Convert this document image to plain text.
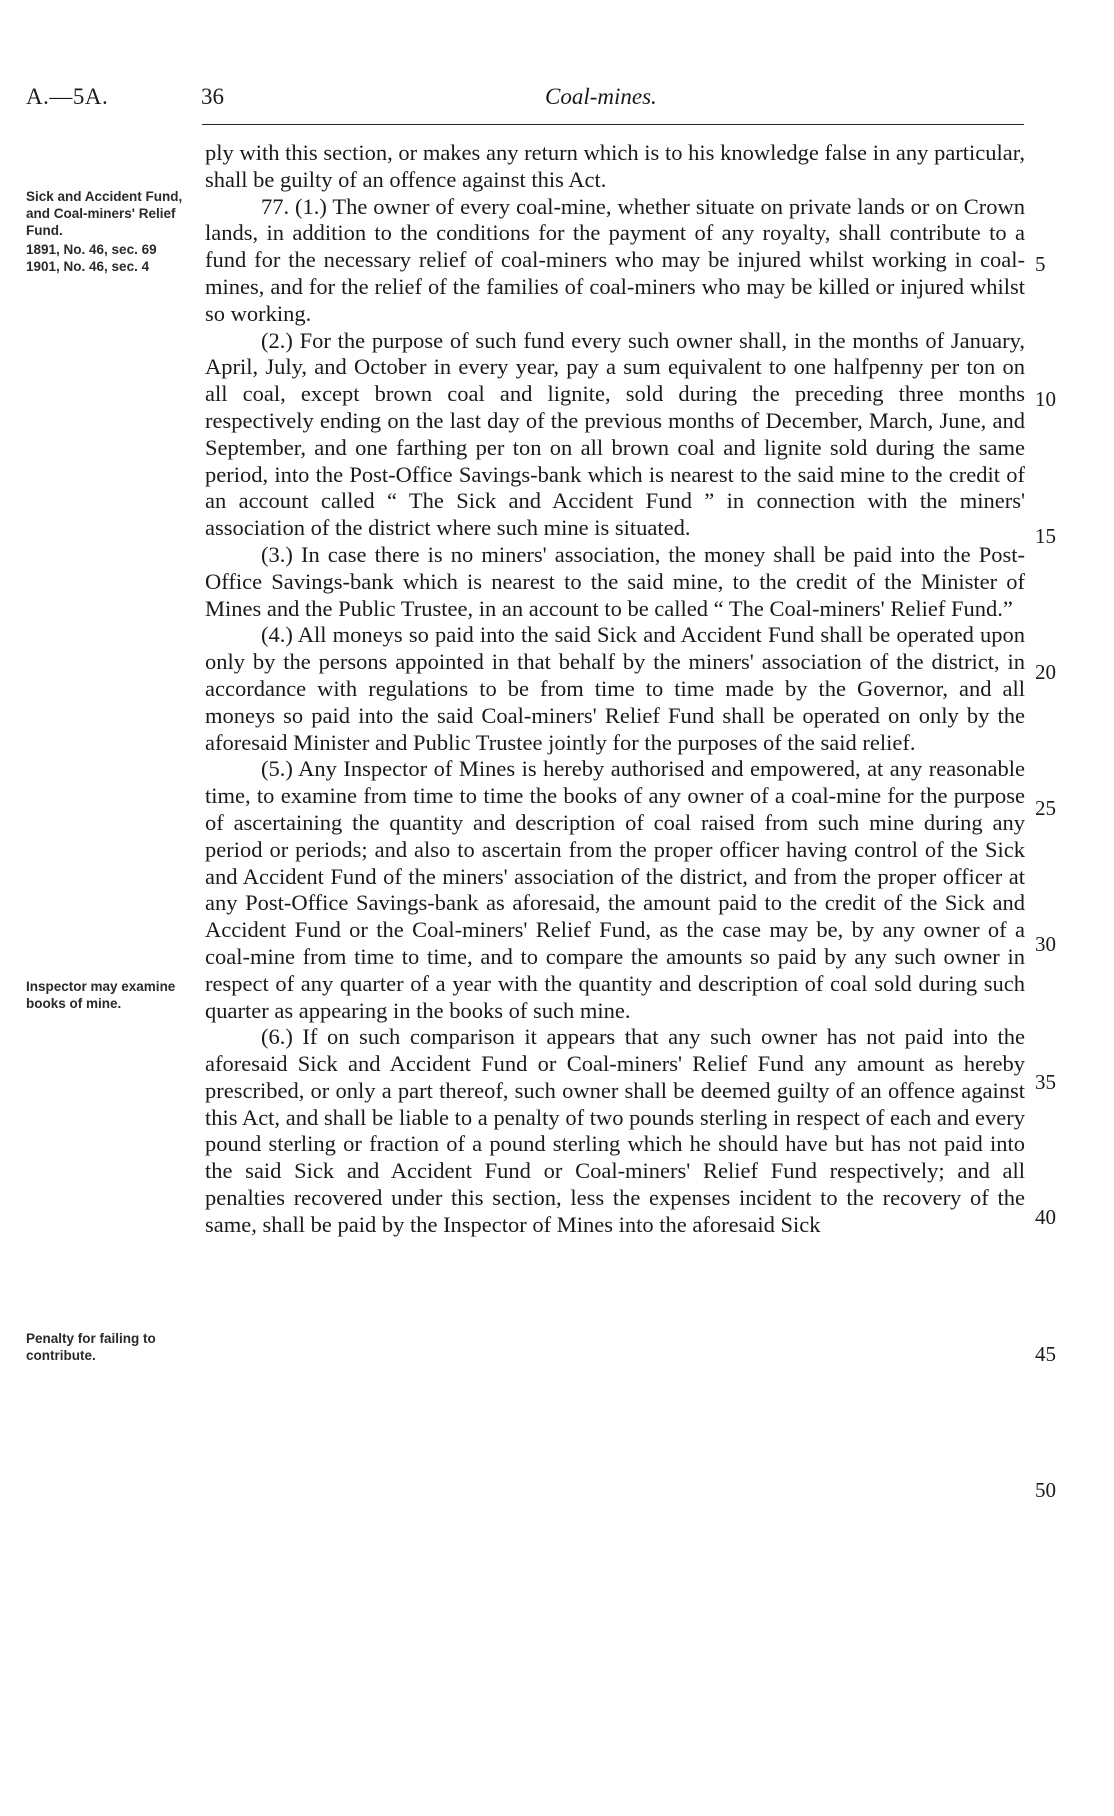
A.—5A.	36	Coal-mines.
Sick and Accident Fund, and Coal-miners' Relief Fund.
1891, No. 46, sec. 69
1901, No. 46, sec. 4
Inspector may examine books of mine.
Penalty for failing to contribute.
5
10
15
20
25
30
35
40
45
50

ply with this section, or makes any return which is to his knowledge false in any particular, shall be guilty of an offence against this Act.

77. (1.) The owner of every coal-mine, whether situate on private lands or on Crown lands, in addition to the conditions for the payment of any royalty, shall contribute to a fund for the necessary relief of coal-miners who may be injured whilst working in coal-mines, and for the relief of the families of coal-miners who may be killed or injured whilst so working.

(2.) For the purpose of such fund every such owner shall, in the months of January, April, July, and October in every year, pay a sum equivalent to one halfpenny per ton on all coal, except brown coal and lignite, sold during the preceding three months respectively ending on the last day of the previous months of December, March, June, and September, and one farthing per ton on all brown coal and lignite sold during the same period, into the Post-Office Savings-bank which is nearest to the said mine to the credit of an account called “ The Sick and Accident Fund ” in connection with the miners' association of the district where such mine is situated.

(3.) In case there is no miners' association, the money shall be paid into the Post-Office Savings-bank which is nearest to the said mine, to the credit of the Minister of Mines and the Public Trustee, in an account to be called “ The Coal-miners' Relief Fund.”

(4.) All moneys so paid into the said Sick and Accident Fund shall be operated upon only by the persons appointed in that behalf by the miners' association of the district, in accordance with regulations to be from time to time made by the Governor, and all moneys so paid into the said Coal-miners' Relief Fund shall be operated on only by the aforesaid Minister and Public Trustee jointly for the purposes of the said relief.

(5.) Any Inspector of Mines is hereby authorised and empowered, at any reasonable time, to examine from time to time the books of any owner of a coal-mine for the purpose of ascertaining the quantity and description of coal raised from such mine during any period or periods; and also to ascertain from the proper officer having control of the Sick and Accident Fund of the miners' association of the district, and from the proper officer at any Post-Office Savings-bank as aforesaid, the amount paid to the credit of the Sick and Accident Fund or the Coal-miners' Relief Fund, as the case may be, by any owner of a coal-mine from time to time, and to compare the amounts so paid by any such owner in respect of any quarter of a year with the quantity and description of coal sold during such quarter as appearing in the books of such mine.

(6.) If on such comparison it appears that any such owner has not paid into the aforesaid Sick and Accident Fund or Coal-miners' Relief Fund any amount as hereby prescribed, or only a part thereof, such owner shall be deemed guilty of an offence against this Act, and shall be liable to a penalty of two pounds sterling in respect of each and every pound sterling or fraction of a pound sterling which he should have but has not paid into the said Sick and Accident Fund or Coal-miners' Relief Fund respectively; and all penalties recovered under this section, less the expenses incident to the recovery of the same, shall be paid by the Inspector of Mines into the aforesaid Sick
